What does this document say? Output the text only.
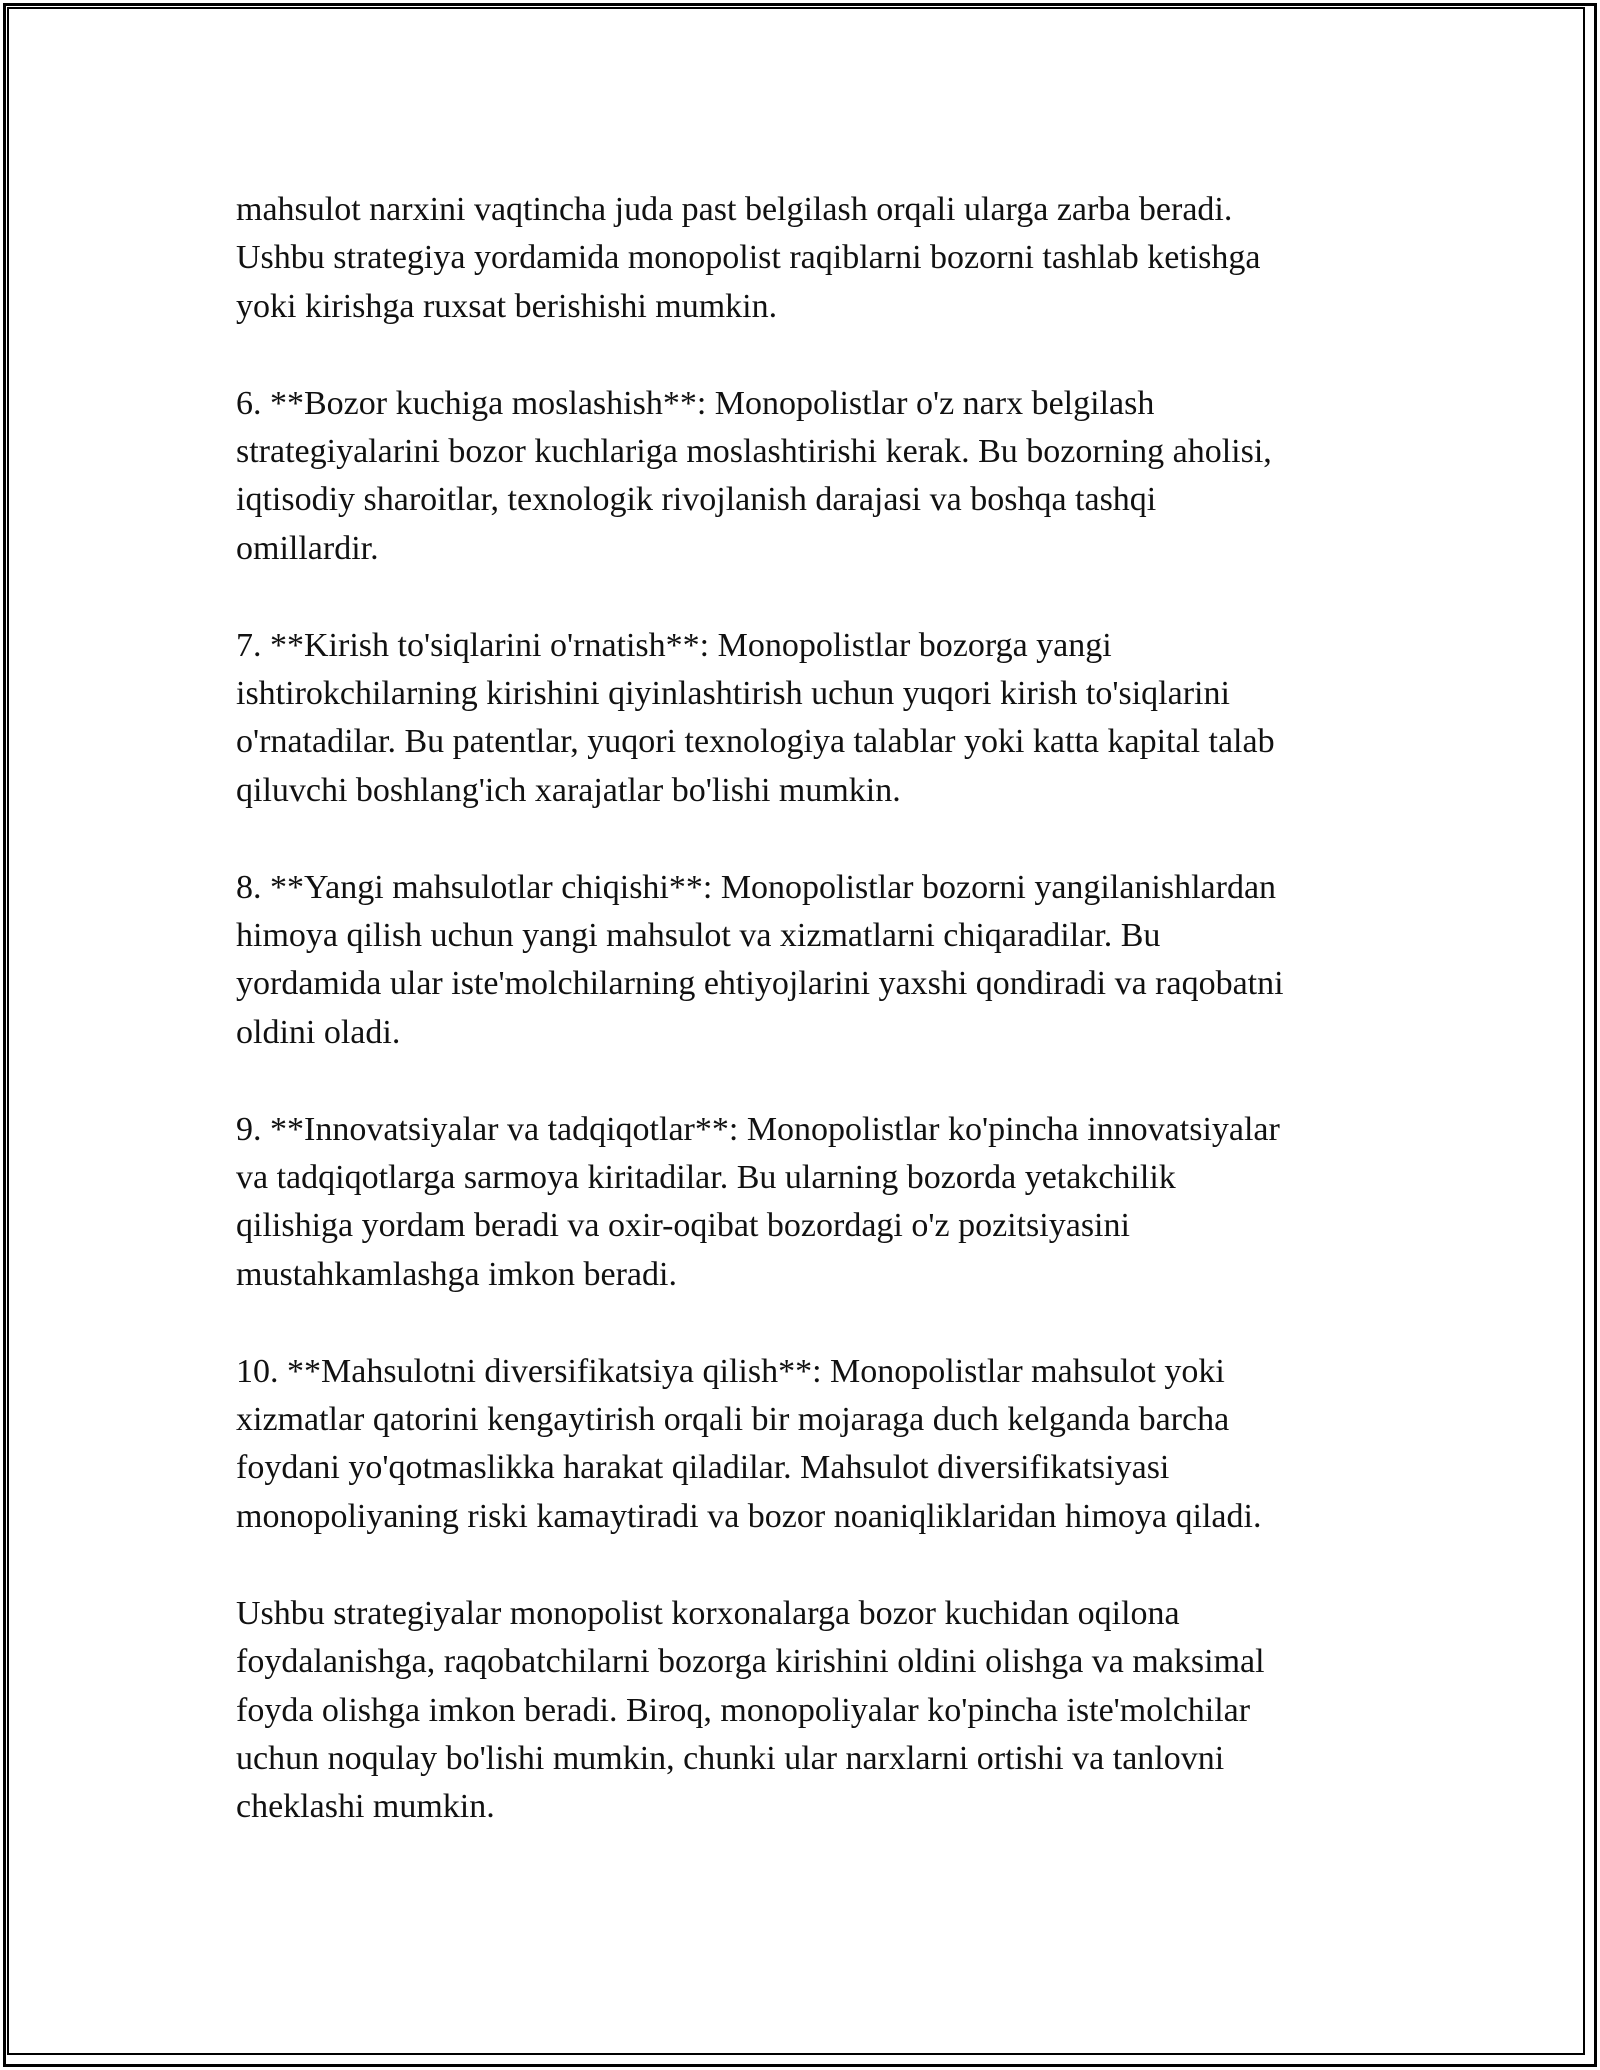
mahsulot narxini vaqtincha juda past belgilash orqali ularga zarba beradi.
Ushbu strategiya yordamida monopolist raqiblarni bozorni tashlab ketishga
yoki kirishga ruxsat berishishi mumkin.

6. **Bozor kuchiga moslashish**: Monopolistlar o'z narx belgilash
strategiyalarini bozor kuchlariga moslashtirishi kerak. Bu bozorning aholisi,
iqtisodiy sharoitlar, texnologik rivojlanish darajasi va boshqa tashqi
omillardir.

7. **Kirish to'siqlarini o'rnatish**: Monopolistlar bozorga yangi
ishtirokchilarning kirishini qiyinlashtirish uchun yuqori kirish to'siqlarini
o'rnatadilar. Bu patentlar, yuqori texnologiya talablar yoki katta kapital talab
qiluvchi boshlang'ich xarajatlar bo'lishi mumkin.

8. **Yangi mahsulotlar chiqishi**: Monopolistlar bozorni yangilanishlardan
himoya qilish uchun yangi mahsulot va xizmatlarni chiqaradilar. Bu
yordamida ular iste'molchilarning ehtiyojlarini yaxshi qondiradi va raqobatni
oldini oladi.

9. **Innovatsiyalar va tadqiqotlar**: Monopolistlar ko'pincha innovatsiyalar
va tadqiqotlarga sarmoya kiritadilar. Bu ularning bozorda yetakchilik
qilishiga yordam beradi va oxir-oqibat bozordagi o'z pozitsiyasini
mustahkamlashga imkon beradi.

10. **Mahsulotni diversifikatsiya qilish**: Monopolistlar mahsulot yoki
xizmatlar qatorini kengaytirish orqali bir mojaraga duch kelganda barcha
foydani yo'qotmaslikka harakat qiladilar. Mahsulot diversifikatsiyasi
monopoliyaning riski kamaytiradi va bozor noaniqliklaridan himoya qiladi.

Ushbu strategiyalar monopolist korxonalarga bozor kuchidan oqilona
foydalanishga, raqobatchilarni bozorga kirishini oldini olishga va maksimal
foyda olishga imkon beradi. Biroq, monopoliyalar ko'pincha iste'molchilar
uchun noqulay bo'lishi mumkin, chunki ular narxlarni ortishi va tanlovni
cheklashi mumkin.
